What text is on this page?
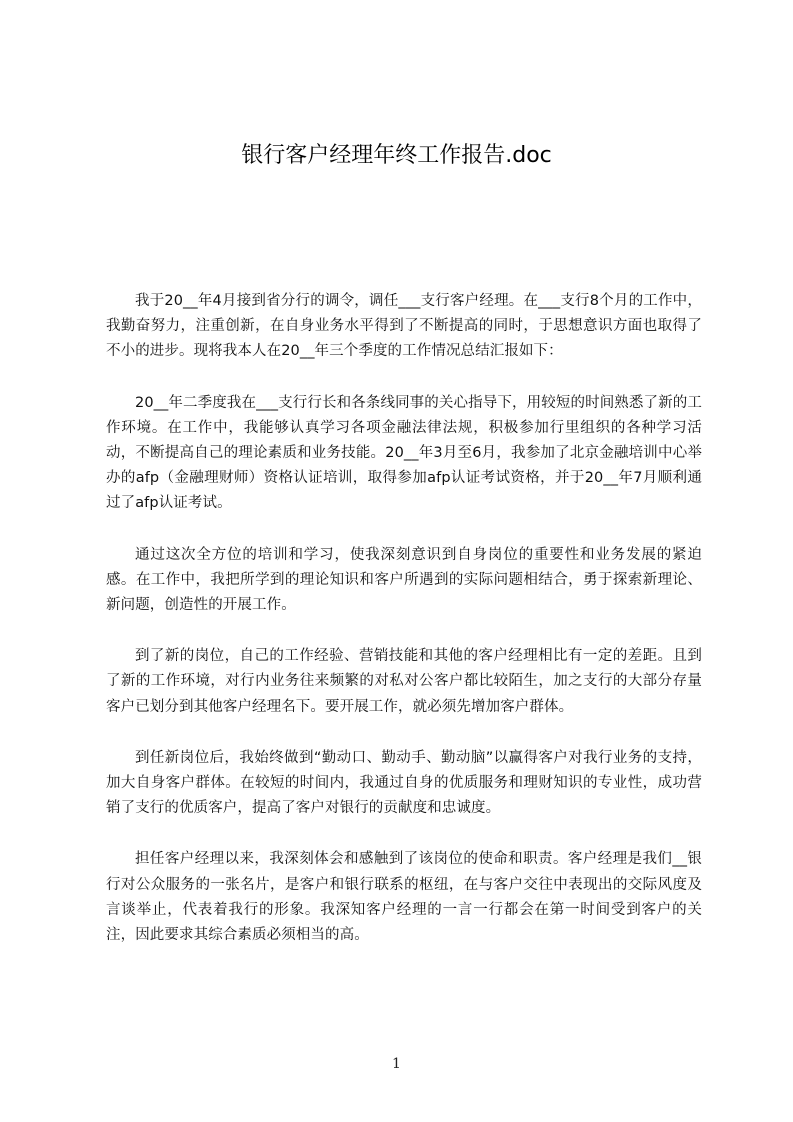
银行客户经理年终工作报告.doc

我于20__年4月接到省分行的调令，调任___支行客户经理。在___支行8个月的工作中，我勤奋努力，注重创新，在自身业务水平得到了不断提高的同时，于思想意识方面也取得了不小的进步。现将我本人在20__年三个季度的工作情况总结汇报如下：

20__年二季度我在___支行行长和各条线同事的关心指导下，用较短的时间熟悉了新的工作环境。在工作中，我能够认真学习各项金融法律法规，积极参加行里组织的各种学习活动，不断提高自己的理论素质和业务技能。20__年3月至6月，我参加了北京金融培训中心举办的afp（金融理财师）资格认证培训，取得参加afp认证考试资格，并于20__年7月顺利通过了afp认证考试。

通过这次全方位的培训和学习，使我深刻意识到自身岗位的重要性和业务发展的紧迫感。在工作中，我把所学到的理论知识和客户所遇到的实际问题相结合，勇于探索新理论、新问题，创造性的开展工作。

到了新的岗位，自己的工作经验、营销技能和其他的客户经理相比有一定的差距。且到了新的工作环境，对行内业务往来频繁的对私对公客户都比较陌生，加之支行的大部分存量客户已划分到其他客户经理名下。要开展工作，就必须先增加客户群体。

到任新岗位后，我始终做到“勤动口、勤动手、勤动脑”以赢得客户对我行业务的支持，加大自身客户群体。在较短的时间内，我通过自身的优质服务和理财知识的专业性，成功营销了支行的优质客户，提高了客户对银行的贡献度和忠诚度。

担任客户经理以来，我深刻体会和感触到了该岗位的使命和职责。客户经理是我们__银行对公众服务的一张名片，是客户和银行联系的枢纽，在与客户交往中表现出的交际风度及言谈举止，代表着我行的形象。我深知客户经理的一言一行都会在第一时间受到客户的关注，因此要求其综合素质必须相当的高。

1
